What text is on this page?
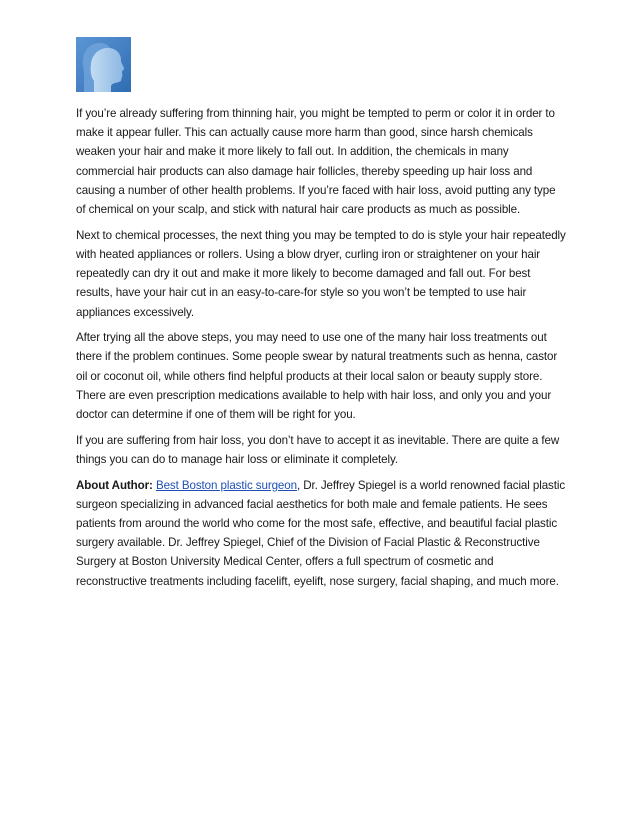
If you’re already suffering from thinning hair, you might be tempted to perm or color it in order to make it appear fuller. This can actually cause more harm than good, since harsh chemicals weaken your hair and make it more likely to fall out. In addition, the chemicals in many commercial hair products can also damage hair follicles, thereby speeding up hair loss and causing a number of other health problems. If you’re faced with hair loss, avoid putting any type of chemical on your scalp, and stick with natural hair care products as much as possible.

Next to chemical processes, the next thing you may be tempted to do is style your hair repeatedly with heated appliances or rollers. Using a blow dryer, curling iron or straightener on your hair repeatedly can dry it out and make it more likely to become damaged and fall out. For best results, have your hair cut in an easy-to-care-for style so you won’t be tempted to use hair appliances excessively.

After trying all the above steps, you may need to use one of the many hair loss treatments out there if the problem continues. Some people swear by natural treatments such as henna, castor oil or coconut oil, while others find helpful products at their local salon or beauty supply store. There are even prescription medications available to help with hair loss, and only you and your doctor can determine if one of them will be right for you.

If you are suffering from hair loss, you don’t have to accept it as inevitable. There are quite a few things you can do to manage hair loss or eliminate it completely.

About Author: Best Boston plastic surgeon, Dr. Jeffrey Spiegel is a world renowned facial plastic surgeon specializing in advanced facial aesthetics for both male and female patients. He sees patients from around the world who come for the most safe, effective, and beautiful facial plastic surgery available. Dr. Jeffrey Spiegel, Chief of the Division of Facial Plastic & Reconstructive Surgery at Boston University Medical Center, offers a full spectrum of cosmetic and reconstructive treatments including facelift, eyelift, nose surgery, facial shaping, and much more.
